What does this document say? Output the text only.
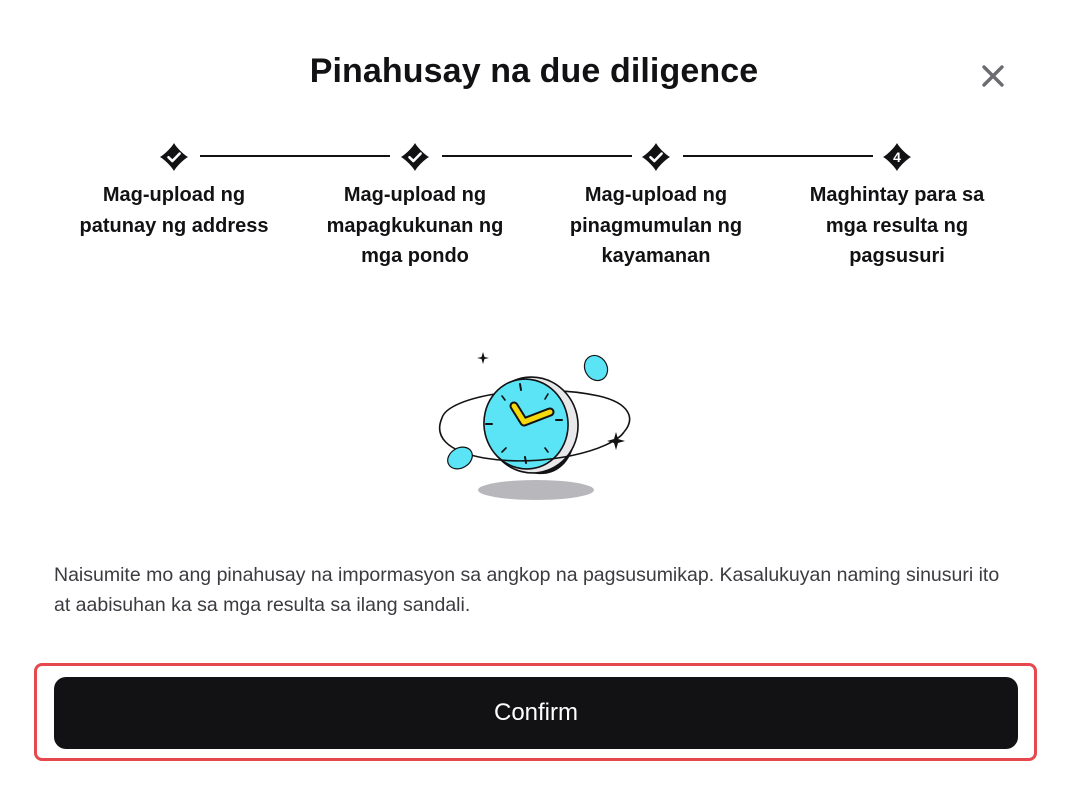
Pinahusay na due diligence
Mag-upload ng patunay ng address
Mag-upload ng mapagkukunan ng mga pondo
Mag-upload ng pinagmumulan ng kayamanan
4
Maghintay para sa mga resulta ng pagsusuri

Naisumite mo ang pinahusay na impormasyon sa angkop na pagsusumikap. Kasalukuyan naming sinusuri ito at aabisuhan ka sa mga resulta sa ilang sandali.

Confirm
